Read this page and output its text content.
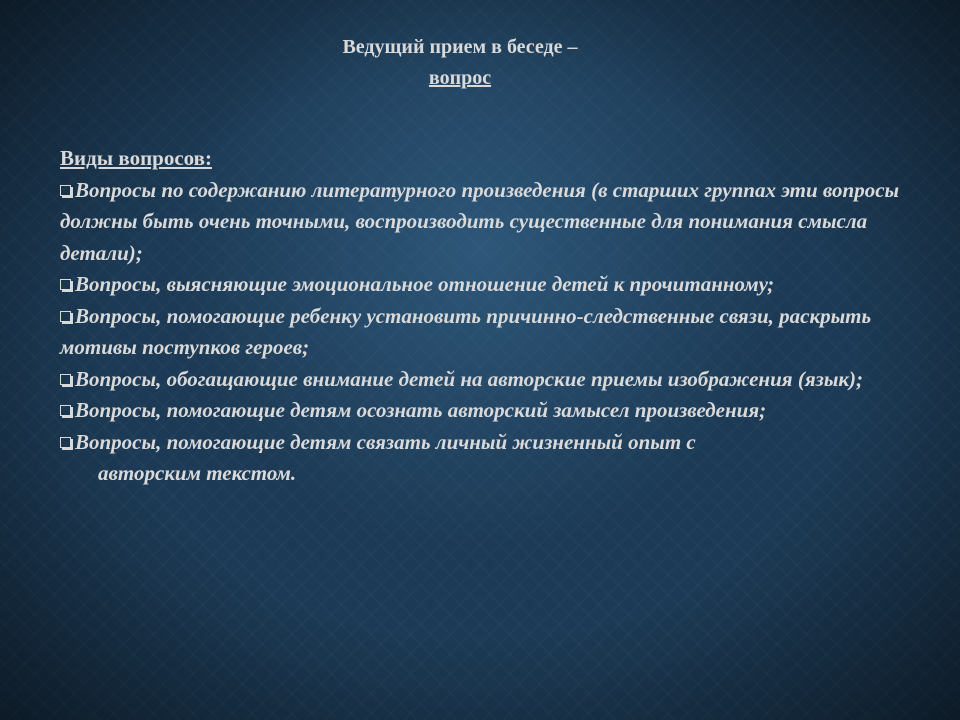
Ведущий прием в беседе –
вопрос
Виды вопросов:
Вопросы по содержанию литературного произведения (в старших группах эти вопросы должны быть очень точными, воспроизводить существенные для понимания смысла детали);
Вопросы, выясняющие эмоциональное отношение детей к прочитанному;
Вопросы, помогающие ребенку установить причинно-следственные связи, раскрыть мотивы поступков героев;
Вопросы, обогащающие внимание детей на авторские приемы изображения (язык);
Вопросы, помогающие детям осознать авторский замысел произведения;
Вопросы, помогающие детям связать личный жизненный опыт с
авторским текстом.
